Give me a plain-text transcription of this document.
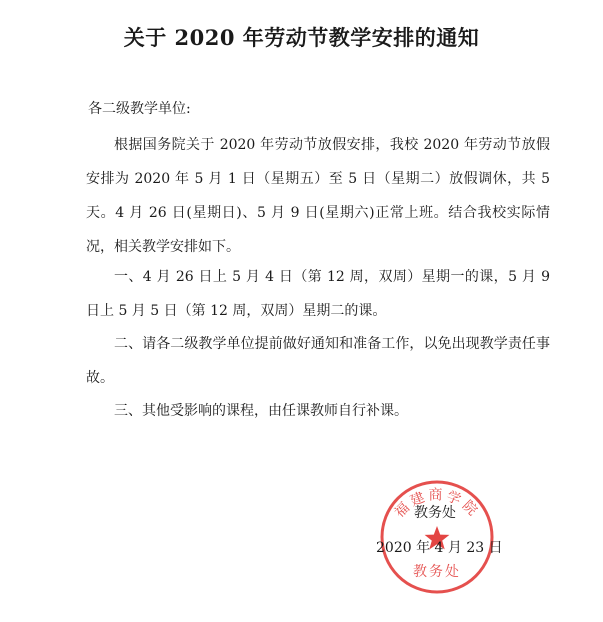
关于 2020 年劳动节教学安排的通知
各二级教学单位:
根据国务院关于 2020 年劳动节放假安排，我校 2020 年劳动节放假安排为 2020 年 5 月 1 日（星期五）至 5 日（星期二）放假调休，共 5 天。4 月 26 日(星期日)、5 月 9 日(星期六)正常上班。结合我校实际情况，相关教学安排如下。
一、4 月 26 日上 5 月 4 日（第 12 周，双周）星期一的课，5 月 9 日上 5 月 5 日（第 12 周，双周）星期二的课。
二、请各二级教学单位提前做好通知和准备工作，以免出现教学责任事故。
三、其他受影响的课程，由任课教师自行补课。
福建商学院
教务处
教务处
2020 年 4 月 23 日
